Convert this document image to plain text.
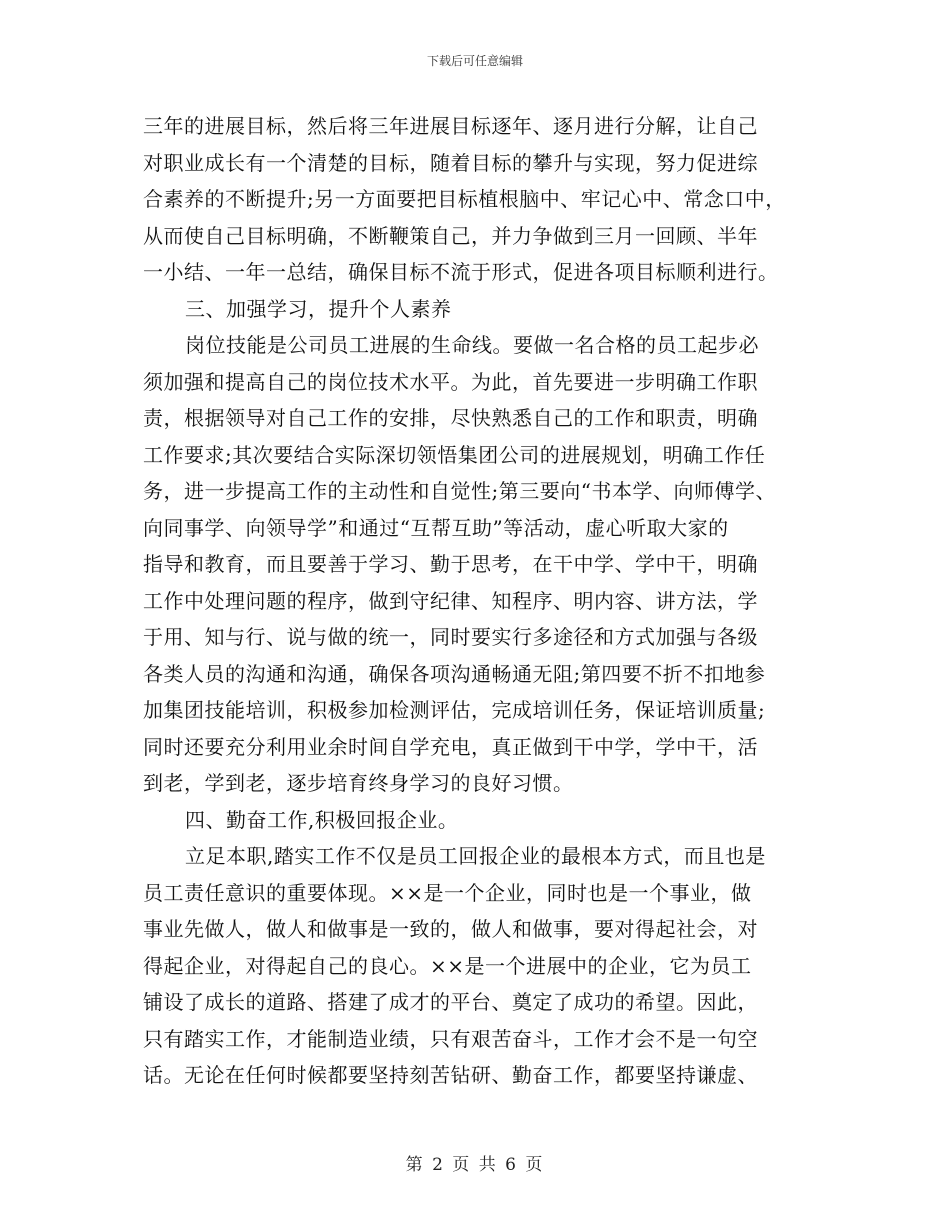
下载后可任意编辑
三年的进展目标，然后将三年进展目标逐年、逐月进行分解，让自己
对职业成长有一个清楚的目标，随着目标的攀升与实现，努力促进综
合素养的不断提升;另一方面要把目标植根脑中、牢记心中、常念口中，
从而使自己目标明确，不断鞭策自己，并力争做到三月一回顾、半年
一小结、一年一总结，确保目标不流于形式，促进各项目标顺利进行。
三、加强学习，提升个人素养
岗位技能是公司员工进展的生命线。要做一名合格的员工起步必
须加强和提高自己的岗位技术水平。为此，首先要进一步明确工作职
责，根据领导对自己工作的安排，尽快熟悉自己的工作和职责，明确
工作要求;其次要结合实际深切领悟集团公司的进展规划，明确工作任
务，进一步提高工作的主动性和自觉性;第三要向“书本学、向师傅学、
向同事学、向领导学”和通过“互帮互助”等活动，虚心听取大家的
指导和教育，而且要善于学习、勤于思考，在干中学、学中干，明确
工作中处理问题的程序，做到守纪律、知程序、明内容、讲方法，学
于用、知与行、说与做的统一，同时要实行多途径和方式加强与各级
各类人员的沟通和沟通，确保各项沟通畅通无阻;第四要不折不扣地参
加集团技能培训，积极参加检测评估，完成培训任务，保证培训质量;
同时还要充分利用业余时间自学充电，真正做到干中学，学中干，活
到老，学到老，逐步培育终身学习的良好习惯。
四、勤奋工作,积极回报企业。
立足本职,踏实工作不仅是员工回报企业的最根本方式，而且也是
员工责任意识的重要体现。××是一个企业，同时也是一个事业，做
事业先做人，做人和做事是一致的，做人和做事，要对得起社会，对
得起企业，对得起自己的良心。××是一个进展中的企业，它为员工
铺设了成长的道路、搭建了成才的平台、奠定了成功的希望。因此，
只有踏实工作，才能制造业绩，只有艰苦奋斗，工作才会不是一句空
话。无论在任何时候都要坚持刻苦钻研、勤奋工作，都要坚持谦虚、
第 2 页 共 6 页
